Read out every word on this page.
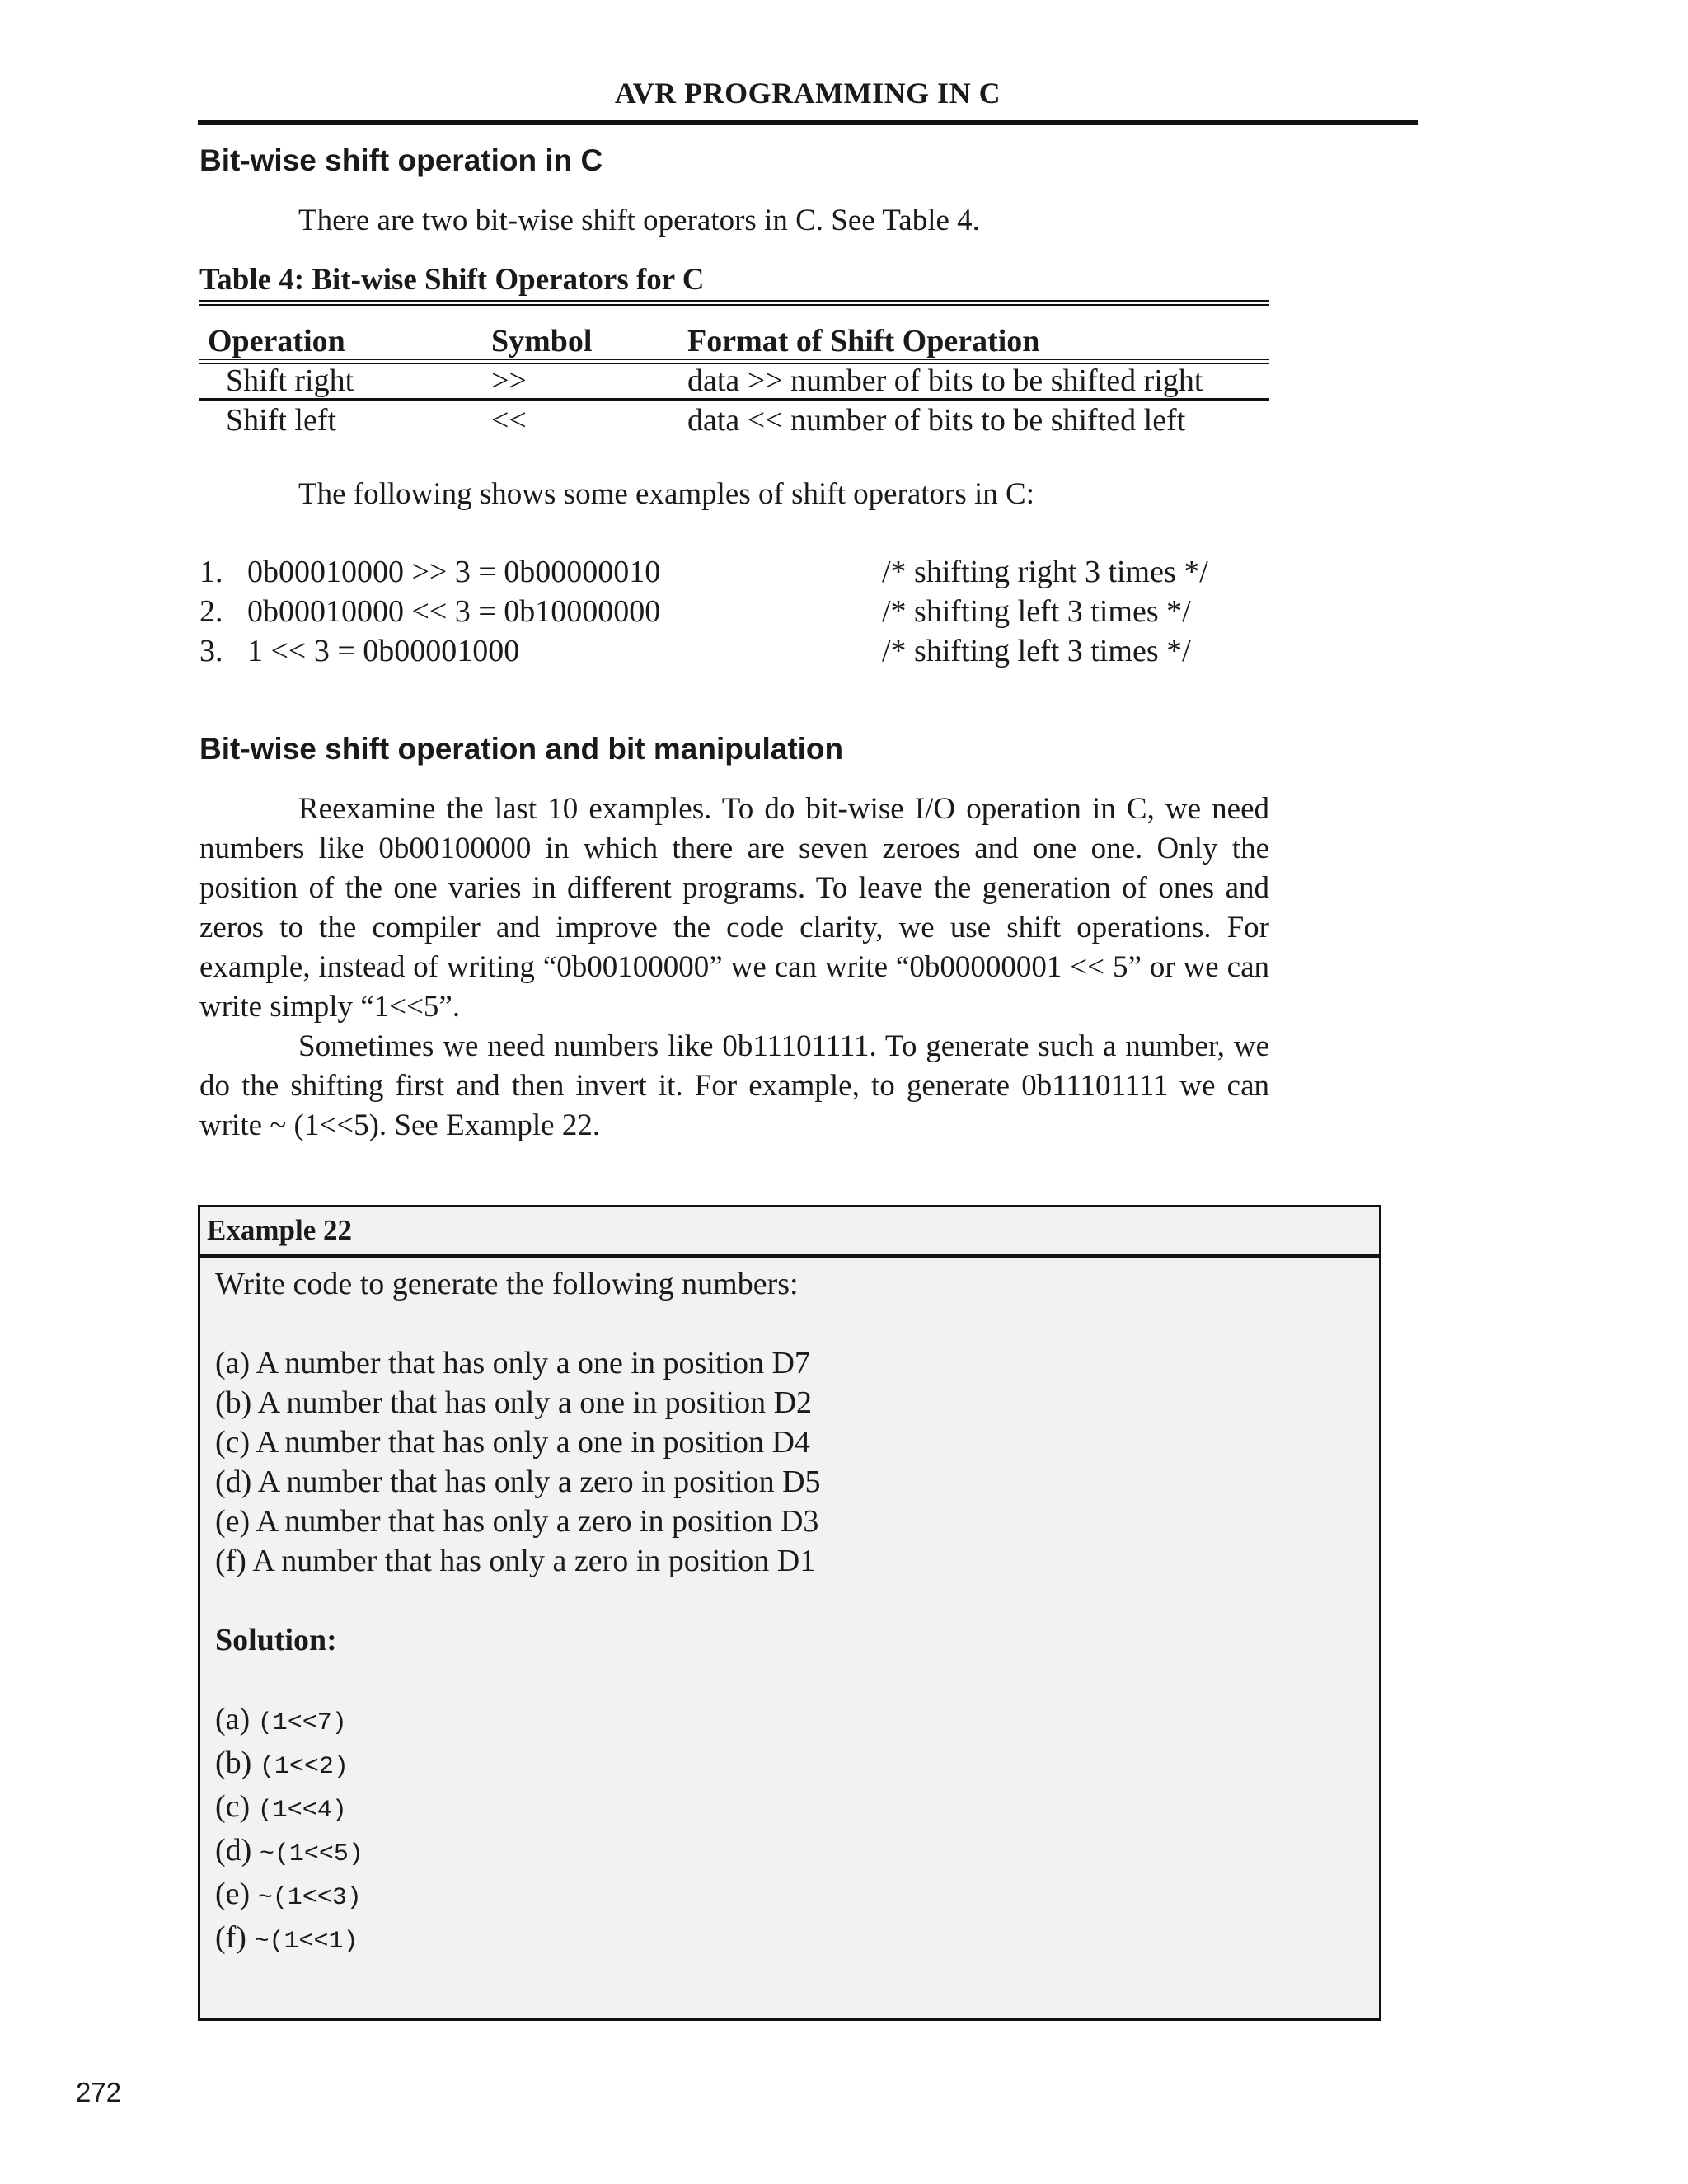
AVR PROGRAMMING IN C
Bit-wise shift operation in C
There are two bit-wise shift operators in C. See Table 4.
Table 4: Bit-wise Shift Operators for C
Operation	Symbol	Format of Shift Operation
Shift right	>>	data >> number of bits to be shifted right
Shift left	<<	data << number of bits to be shifted left
The following shows some examples of shift operators in C:
1. 0b00010000 >> 3 = 0b00000010	/* shifting right 3 times */
2. 0b00010000 << 3 = 0b10000000	/* shifting left 3 times */
3. 1 << 3 = 0b00001000	/* shifting left 3 times */
Bit-wise shift operation and bit manipulation
Reexamine the last 10 examples. To do bit-wise I/O operation in C, we need numbers like 0b00100000 in which there are seven zeroes and one one. Only the position of the one varies in different programs. To leave the generation of ones and zeros to the compiler and improve the code clarity, we use shift operations. For example, instead of writing “0b00100000” we can write “0b00000001 << 5” or we can write simply “1<<5”.
Sometimes we need numbers like 0b11101111. To generate such a number, we do the shifting first and then invert it. For example, to generate 0b11101111 we can write ~ (1<<5). See Example 22.
Example 22
Write code to generate the following numbers:
(a) A number that has only a one in position D7
(b) A number that has only a one in position D2
(c) A number that has only a one in position D4
(d) A number that has only a zero in position D5
(e) A number that has only a zero in position D3
(f) A number that has only a zero in position D1
Solution:
(a) (1<<7)
(b) (1<<2)
(c) (1<<4)
(d) ~(1<<5)
(e) ~(1<<3)
(f) ~(1<<1)
272
